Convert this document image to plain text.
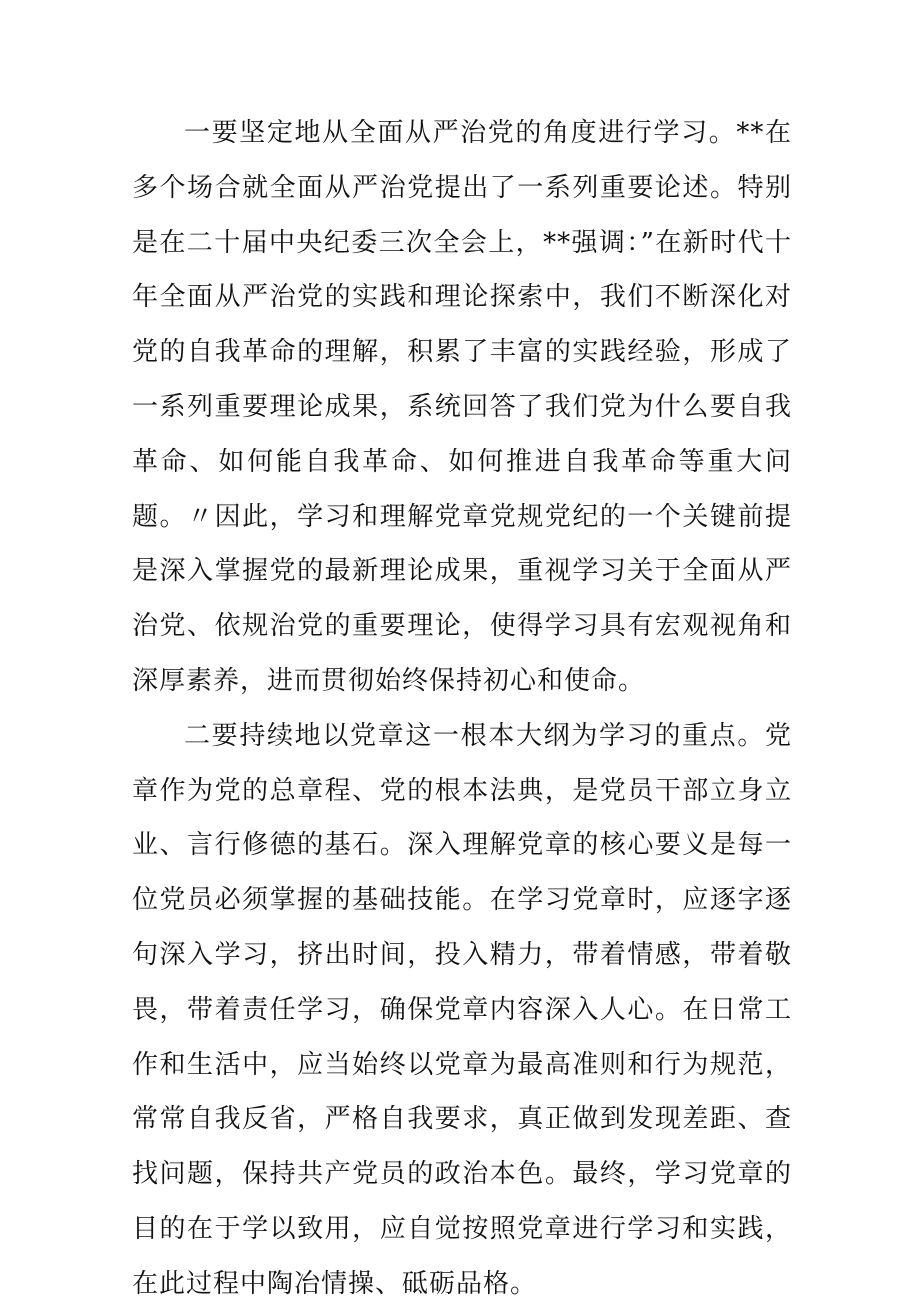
一要坚定地从全面从严治党的角度进行学习。**在多个场合就全面从严治党提出了一系列重要论述。特别是在二十届中央纪委三次全会上，**强调：”在新时代十年全面从严治党的实践和理论探索中，我们不断深化对党的自我革命的理解，积累了丰富的实践经验，形成了一系列重要理论成果，系统回答了我们党为什么要自我革命、如何能自我革命、如何推进自我革命等重大问题。〃因此，学习和理解党章党规党纪的一个关键前提是深入掌握党的最新理论成果，重视学习关于全面从严治党、依规治党的重要理论，使得学习具有宏观视角和深厚素养，进而贯彻始终保持初心和使命。

二要持续地以党章这一根本大纲为学习的重点。党章作为党的总章程、党的根本法典，是党员干部立身立业、言行修德的基石。深入理解党章的核心要义是每一位党员必须掌握的基础技能。在学习党章时，应逐字逐句深入学习，挤出时间，投入精力，带着情感，带着敬畏，带着责任学习，确保党章内容深入人心。在日常工作和生活中，应当始终以党章为最高准则和行为规范，常常自我反省，严格自我要求，真正做到发现差距、查找问题，保持共产党员的政治本色。最终，学习党章的目的在于学以致用，应自觉按照党章进行学习和实践，在此过程中陶冶情操、砥砺品格。
